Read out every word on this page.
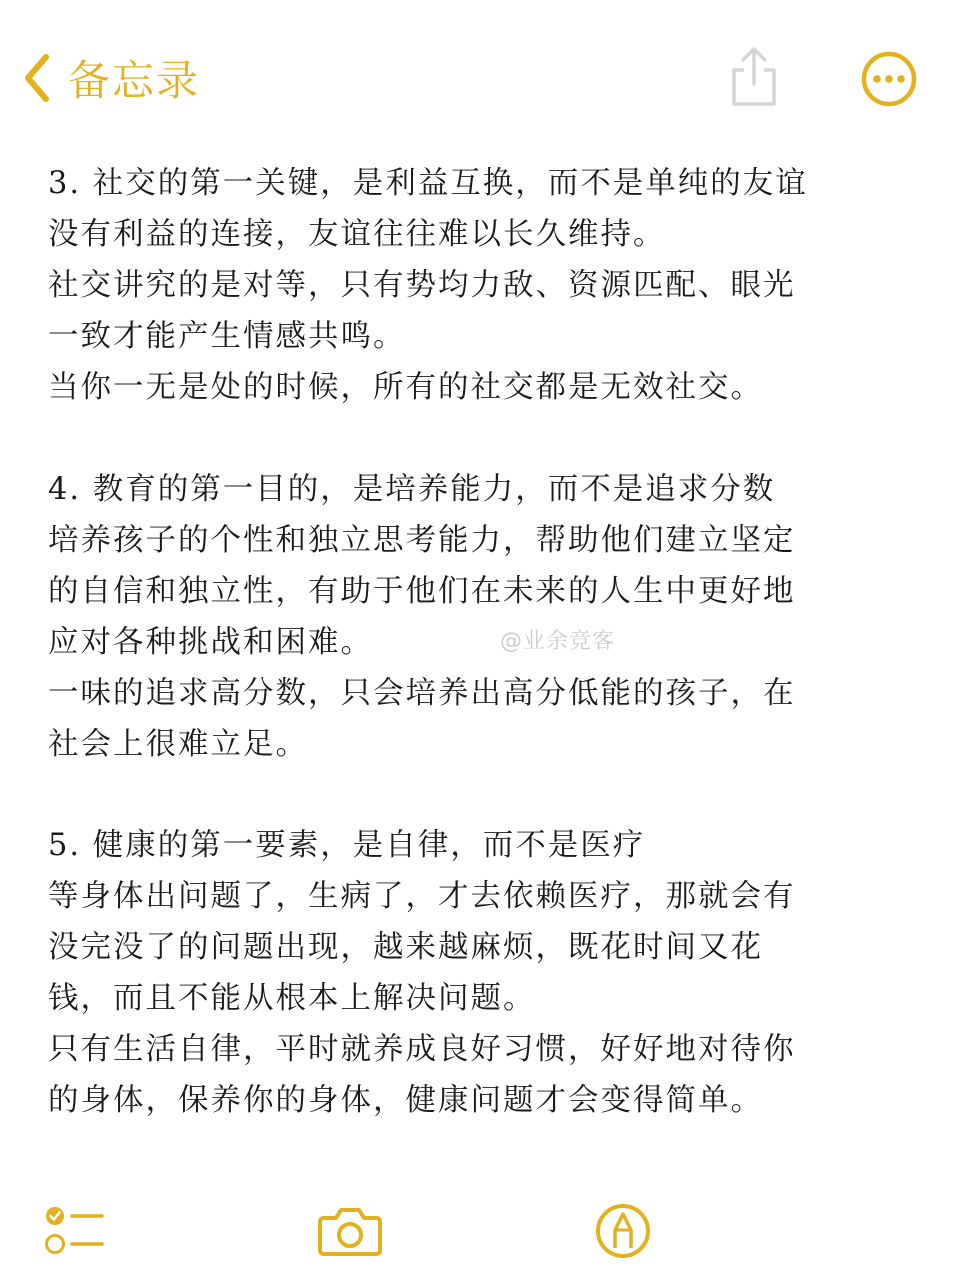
备忘录
3. 社交的第一关键，是利益互换，而不是单纯的友谊
没有利益的连接，友谊往往难以长久维持。
社交讲究的是对等，只有势均力敌、资源匹配、眼光
一致才能产生情感共鸣。
当你一无是处的时候，所有的社交都是无效社交。
4. 教育的第一目的，是培养能力，而不是追求分数
培养孩子的个性和独立思考能力，帮助他们建立坚定
的自信和独立性，有助于他们在未来的人生中更好地
应对各种挑战和困难。
一味的追求高分数，只会培养出高分低能的孩子，在
社会上很难立足。
5. 健康的第一要素，是自律，而不是医疗
等身体出问题了，生病了，才去依赖医疗，那就会有
没完没了的问题出现，越来越麻烦，既花时间又花
钱，而且不能从根本上解决问题。
只有生活自律，平时就养成良好习惯，好好地对待你
的身体，保养你的身体，健康问题才会变得简单。
@业余竞客
